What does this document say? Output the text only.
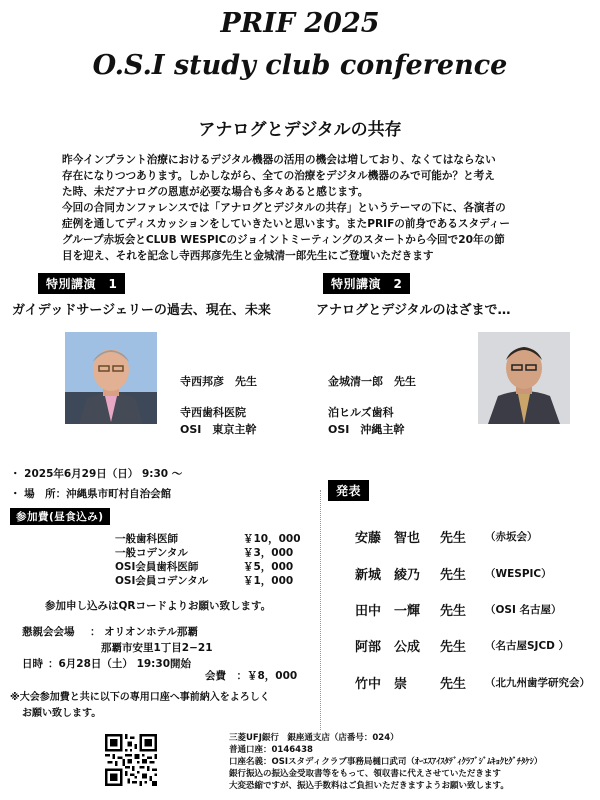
PRIF 2025
O.S.I study club conference
アナログとデジタルの共存

昨今インプラント治療におけるデジタル機器の活用の機会は増しており、なくてはならない

存在になりつつあります。しかしながら、全ての治療をデジタル機器のみで可能か？と考え

た時、未だアナログの恩恵が必要な場合も多々あると感じます。

今回の合同カンファレンスでは「アナログとデジタルの共存」というテーマの下に、各演者の

症例を通してディスカッションをしていきたいと思います。またPRIFの前身であるスタディー

グループ赤坂会とCLUB WESPICのジョイントミーティングのスタートから今回で20年の節

目を迎え、それを記念し寺西邦彦先生と金城清一郎先生にご登壇いただきます

特別講演　1	特別講演　2
ガイデッドサージェリーの過去、現在、未来	アナログとデジタルのはざまで…
寺西邦彦　先生
寺西歯科医院
OSI　東京主幹
金城清一郎　先生
泊ヒルズ歯科
OSI　沖縄主幹
・ 2025年6月29日（日） 9:30 ～
・ 場　所：沖縄県市町村自治会館
参加費(昼食込み)
一般歯科医師	￥10，000
一般コデンタル	￥3，000
OSI会員歯科医師	￥5，000
OSI会員コデンタル	￥1，000
参加申し込みはQRコードよりお願い致します。
懇親会会場 ： オリオンホテル那覇
那覇市安里1丁目2−21
日時 ：6月28日（土） 19:30開始
会費　：￥8，000
※大会参加費と共に以下の専用口座へ事前納入をよろしく
お願い致します。
発表
安藤　智也 先生 （赤坂会）
新城　綾乃 先生 （WESPIC）
田中　一輝 先生 （OSI 名古屋）
阿部　公成 先生 （名古屋SJCD ）
竹中　崇	先生 （北九州歯学研究会）
三菱UFJ銀行　銀座通支店（店番号：024）
普通口座：0146438
口座名義：OSIスタディクラブ事務局樋口武司（ｵｰｴｽｱｲｽﾀﾃﾞｨｸﾗﾌﾞｼﾞﾑｷｮｸﾋｸﾞﾁﾀｹｼ）
銀行振込の振込金受取書等をもって、領収書に代えさせていただきます
大変恐縮ですが、振込手数料はご負担いただきますようお願い致します。
